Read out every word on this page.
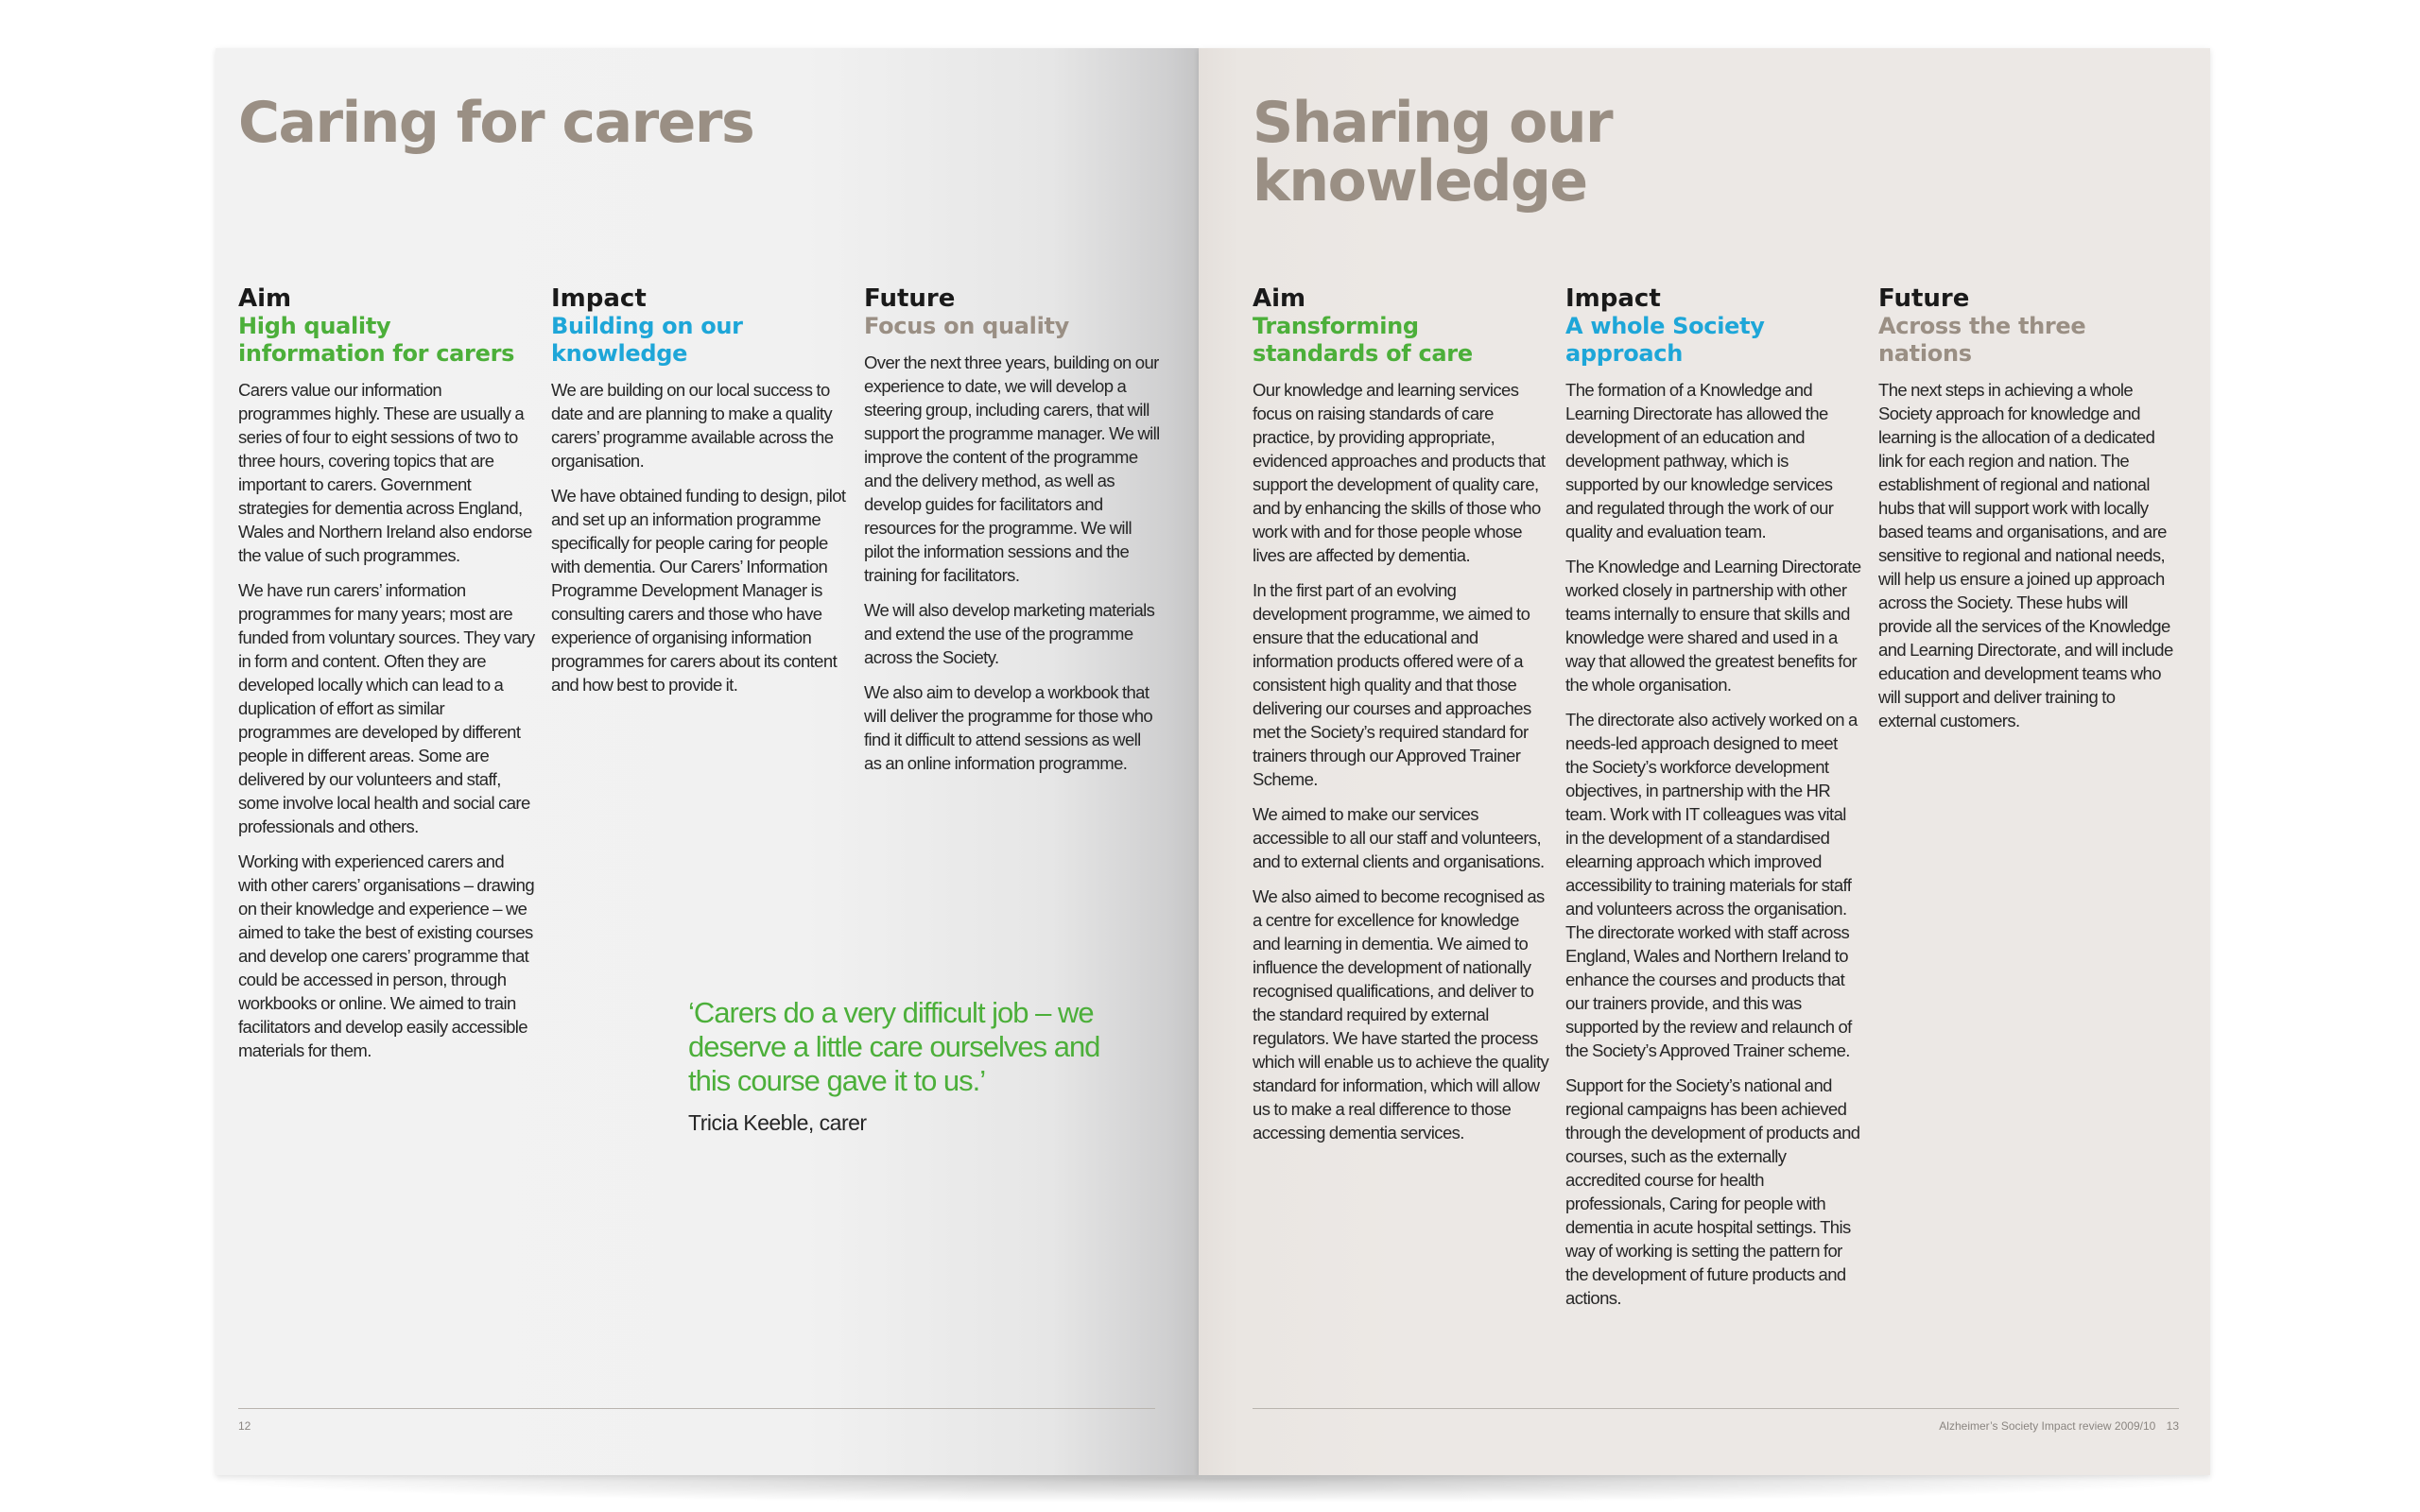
Caring for carers

Aim

High quality information for carers

Carers value our information programmes highly. These are usually a series of four to eight sessions of two to three hours, covering topics that are important to carers. Government strategies for dementia across England, Wales and Northern Ireland also endorse the value of such programmes.

We have run carers’ information programmes for many years; most are funded from voluntary sources. They vary in form and content. Often they are developed locally which can lead to a duplication of effort as similar programmes are developed by different people in different areas. Some are delivered by our volunteers and staff, some involve local health and social care professionals and others.

Working with experienced carers and with other carers’ organisations – drawing on their knowledge and experience – we aimed to take the best of existing courses and develop one carers’ programme that could be accessed in person, through workbooks or online. We aimed to train facilitators and develop easily accessible materials for them.

Impact

Building on our knowledge

We are building on our local success to date and are planning to make a quality carers’ programme available across the organisation.

We have obtained funding to design, pilot and set up an information programme specifically for people caring for people with dementia. Our Carers’ Information Programme Development Manager is consulting carers and those who have experience of organising information programmes for carers about its content and how best to provide it.

Future

Focus on quality

Over the next three years, building on our experience to date, we will develop a steering group, including carers, that will support the programme manager. We will improve the content of the programme and the delivery method, as well as develop guides for facilitators and resources for the programme. We will pilot the information sessions and the training for facilitators.

We will also develop marketing materials and extend the use of the programme across the Society.

We also aim to develop a workbook that will deliver the programme for those who find it difficult to attend sessions as well as an online information programme.

‘Carers do a very difficult job – we deserve a little care ourselves and this course gave it to us.’

Tricia Keeble, carer

12
Sharing our knowledge

Aim

Transforming standards of care

Our knowledge and learning services focus on raising standards of care practice, by providing appropriate, evidenced approaches and products that support the development of quality care, and by enhancing the skills of those who work with and for those people whose lives are affected by dementia.

In the first part of an evolving development programme, we aimed to ensure that the educational and information products offered were of a consistent high quality and that those delivering our courses and approaches met the Society’s required standard for trainers through our Approved Trainer Scheme.

We aimed to make our services accessible to all our staff and volunteers, and to external clients and organisations.

We also aimed to become recognised as a centre for excellence for knowledge and learning in dementia. We aimed to influence the development of nationally recognised qualifications, and deliver to the standard required by external regulators. We have started the process which will enable us to achieve the quality standard for information, which will allow us to make a real difference to those accessing dementia services.

Impact

A whole Society approach

The formation of a Knowledge and Learning Directorate has allowed the development of an education and development pathway, which is supported by our knowledge services and regulated through the work of our quality and evaluation team.

The Knowledge and Learning Directorate worked closely in partnership with other teams internally to ensure that skills and knowledge were shared and used in a way that allowed the greatest benefits for the whole organisation.

The directorate also actively worked on a needs-led approach designed to meet the Society’s workforce development objectives, in partnership with the HR team. Work with IT colleagues was vital in the development of a standardised elearning approach which improved accessibility to training materials for staff and volunteers across the organisation. The directorate worked with staff across England, Wales and Northern Ireland to enhance the courses and products that our trainers provide, and this was supported by the review and relaunch of the Society’s Approved Trainer scheme.

Support for the Society’s national and regional campaigns has been achieved through the development of products and courses, such as the externally accredited course for health professionals, Caring for people with dementia in acute hospital settings. This way of working is setting the pattern for the development of future products and actions.

Future

Across the three nations

The next steps in achieving a whole Society approach for knowledge and learning is the allocation of a dedicated link for each region and nation. The establishment of regional and national hubs that will support work with locally based teams and organisations, and are sensitive to regional and national needs, will help us ensure a joined up approach across the Society. These hubs will provide all the services of the Knowledge and Learning Directorate, and will include education and development teams who will support and deliver training to external customers.

Alzheimer’s Society Impact review 2009/10 13
